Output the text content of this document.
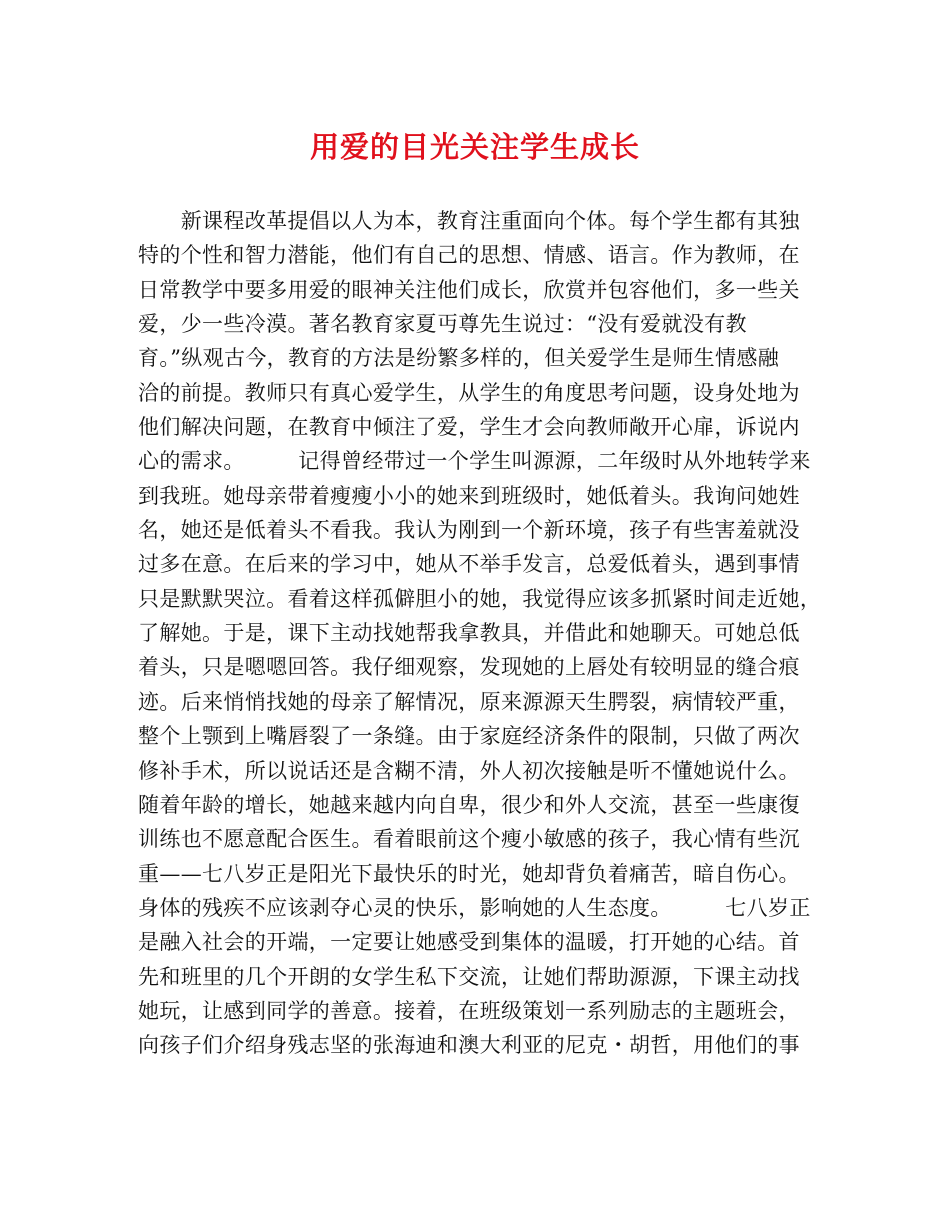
用爱的目光关注学生成长
　　新课程改革提倡以人为本，教育注重面向个体。每个学生都有其独
特的个性和智力潜能，他们有自己的思想、情感、语言。作为教师，在
日常教学中要多用爱的眼神关注他们成长，欣赏并包容他们，多一些关
爱，少一些冷漠。著名教育家夏丏尊先生说过：“没有爱就没有教
育。”纵观古今，教育的方法是纷繁多样的，但关爱学生是师生情感融
洽的前提。教师只有真心爱学生，从学生的角度思考问题，设身处地为
他们解决问题，在教育中倾注了爱，学生才会向教师敞开心扉，诉说内
心的需求。　　　记得曾经带过一个学生叫源源，二年级时从外地转学来
到我班。她母亲带着瘦瘦小小的她来到班级时，她低着头。我询问她姓
名，她还是低着头不看我。我认为刚到一个新环境，孩子有些害羞就没
过多在意。在后来的学习中，她从不举手发言，总爱低着头，遇到事情
只是默默哭泣。看着这样孤僻胆小的她，我觉得应该多抓紧时间走近她，
了解她。于是，课下主动找她帮我拿教具，并借此和她聊天。可她总低
着头，只是嗯嗯回答。我仔细观察，发现她的上唇处有较明显的缝合痕
迹。后来悄悄找她的母亲了解情况，原来源源天生腭裂，病情较严重，
整个上颚到上嘴唇裂了一条缝。由于家庭经济条件的限制，只做了两次
修补手术，所以说话还是含糊不清，外人初次接触是听不懂她说什么。
随着年龄的增长，她越来越内向自卑，很少和外人交流，甚至一些康復
训练也不愿意配合医生。看着眼前这个瘦小敏感的孩子，我心情有些沉
重——七八岁正是阳光下最快乐的时光，她却背负着痛苦，暗自伤心。
身体的残疾不应该剥夺心灵的快乐，影响她的人生态度。　　　七八岁正
是融入社会的开端，一定要让她感受到集体的温暖，打开她的心结。首
先和班里的几个开朗的女学生私下交流，让她们帮助源源，下课主动找
她玩，让感到同学的善意。接着，在班级策划一系列励志的主题班会，
向孩子们介绍身残志坚的张海迪和澳大利亚的尼克・胡哲，用他们的事
